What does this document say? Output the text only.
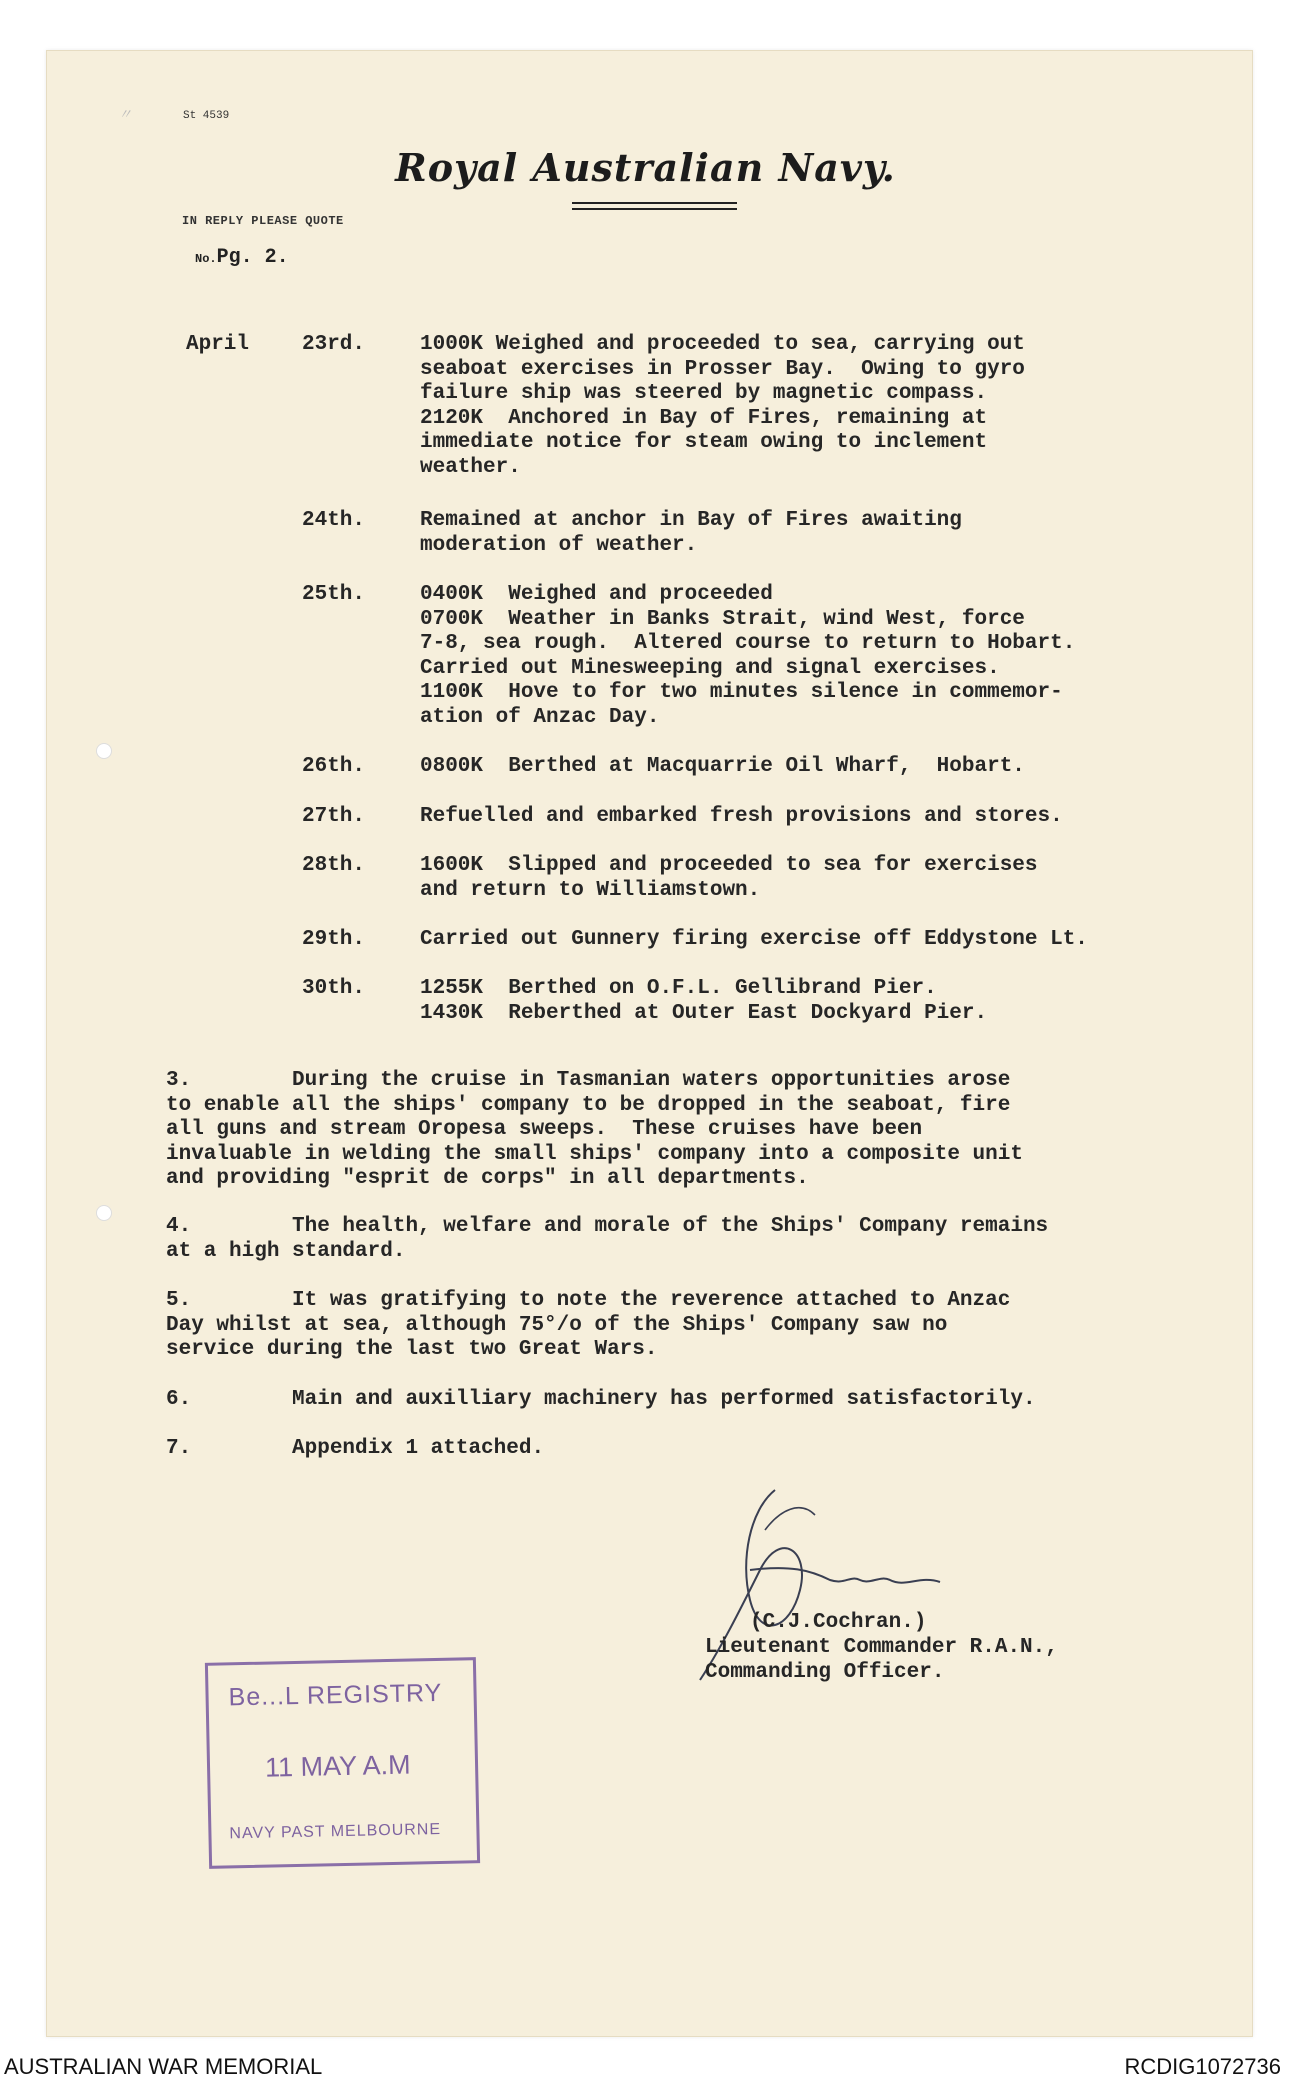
〃	St 4539
Royal Australian Navy.
IN REPLY PLEASE QUOTE
No.Pg. 2.
April	23rd.	1000K Weighed and proceeded to sea, carrying out
seaboat exercises in Prosser Bay.  Owing to gyro
failure ship was steered by magnetic compass.
2120K  Anchored in Bay of Fires, remaining at
immediate notice for steam owing to inclement
weather.
24th.	Remained at anchor in Bay of Fires awaiting
moderation of weather.
25th.	0400K  Weighed and proceeded
0700K  Weather in Banks Strait, wind West, force
7-8, sea rough.  Altered course to return to Hobart.
Carried out Minesweeping and signal exercises.
1100K  Hove to for two minutes silence in commemor-
ation of Anzac Day.
26th.	0800K  Berthed at Macquarrie Oil Wharf,  Hobart.
27th.	Refuelled and embarked fresh provisions and stores.
28th.	1600K  Slipped and proceeded to sea for exercises
and return to Williamstown.
29th.	Carried out Gunnery firing exercise off Eddystone Lt.
30th.	1255K  Berthed on O.F.L. Gellibrand Pier.
1430K  Reberthed at Outer East Dockyard Pier.
3.        During the cruise in Tasmanian waters opportunities arose
to enable all the ships' company to be dropped in the seaboat, fire
all guns and stream Oropesa sweeps.  These cruises have been
invaluable in welding the small ships' company into a composite unit
and providing "esprit de corps" in all departments.
4.        The health, welfare and morale of the Ships' Company remains
at a high standard.
5.        It was gratifying to note the reverence attached to Anzac
Day whilst at sea, although 75°/o of the Ships' Company saw no
service during the last two Great Wars.
6.        Main and auxilliary machinery has performed satisfactorily.
7.        Appendix 1 attached.
(C.J.Cochran.)
Lieutenant Commander R.A.N.,
Commanding Officer.
Be...L REGISTRY
11 MAY A.M
NAVY PAST MELBOURNE
AUSTRALIAN WAR MEMORIAL	RCDIG1072736
